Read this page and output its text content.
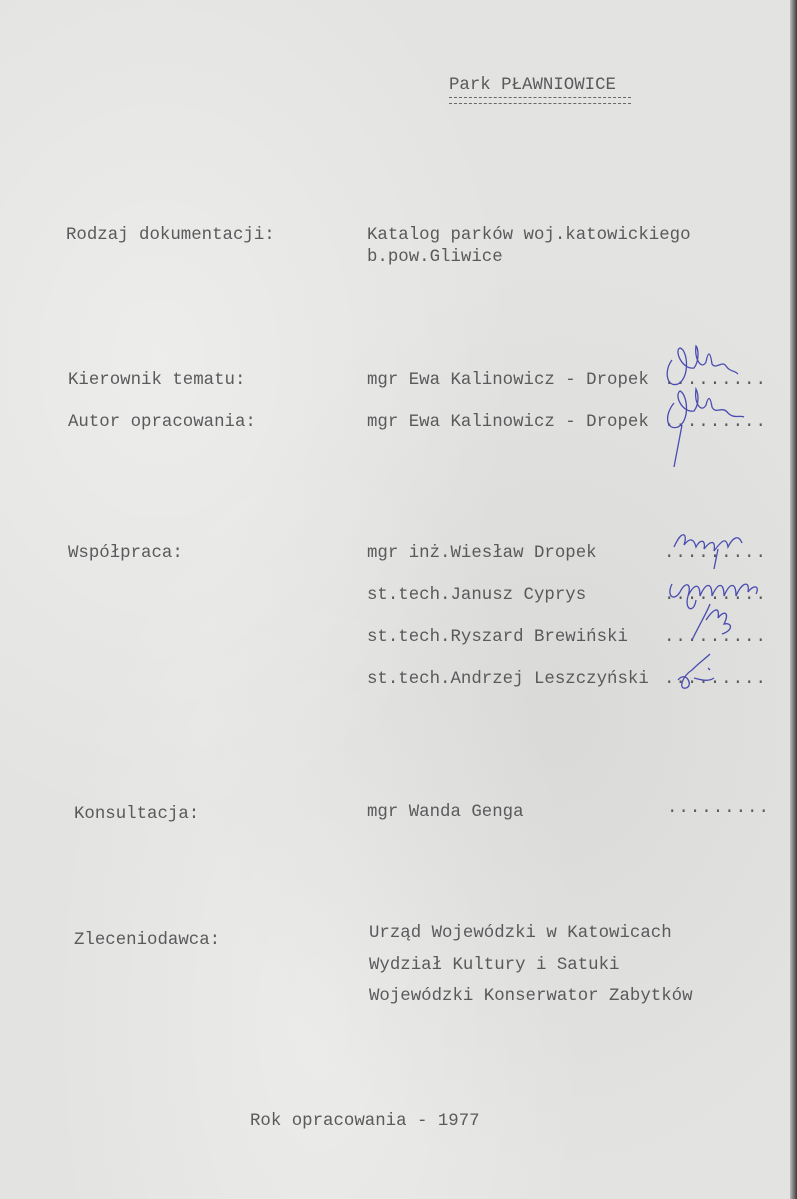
Park PŁAWNIOWICE
Rodzaj dokumentacji:	Katalog parków woj.katowickiego
b.pow.Gliwice
Kierownik tematu:	mgr Ewa Kalinowicz - Dropek .........
Autor opracowania:	mgr Ewa Kalinowicz - Dropek .........
Współpraca:	mgr inż.Wiesław Dropek	.........
st.tech.Janusz Cyprys	.........
st.tech.Ryszard Brewiński .........
st.tech.Andrzej Leszczyński .........
Konsultacja:	mgr Wanda Genga	.........
Zleceniodawca:	Urząd Wojewódzki w Katowicach
Wydział Kultury i Satuki
Wojewódzki Konserwator Zabytków
Rok opracowania - 1977
